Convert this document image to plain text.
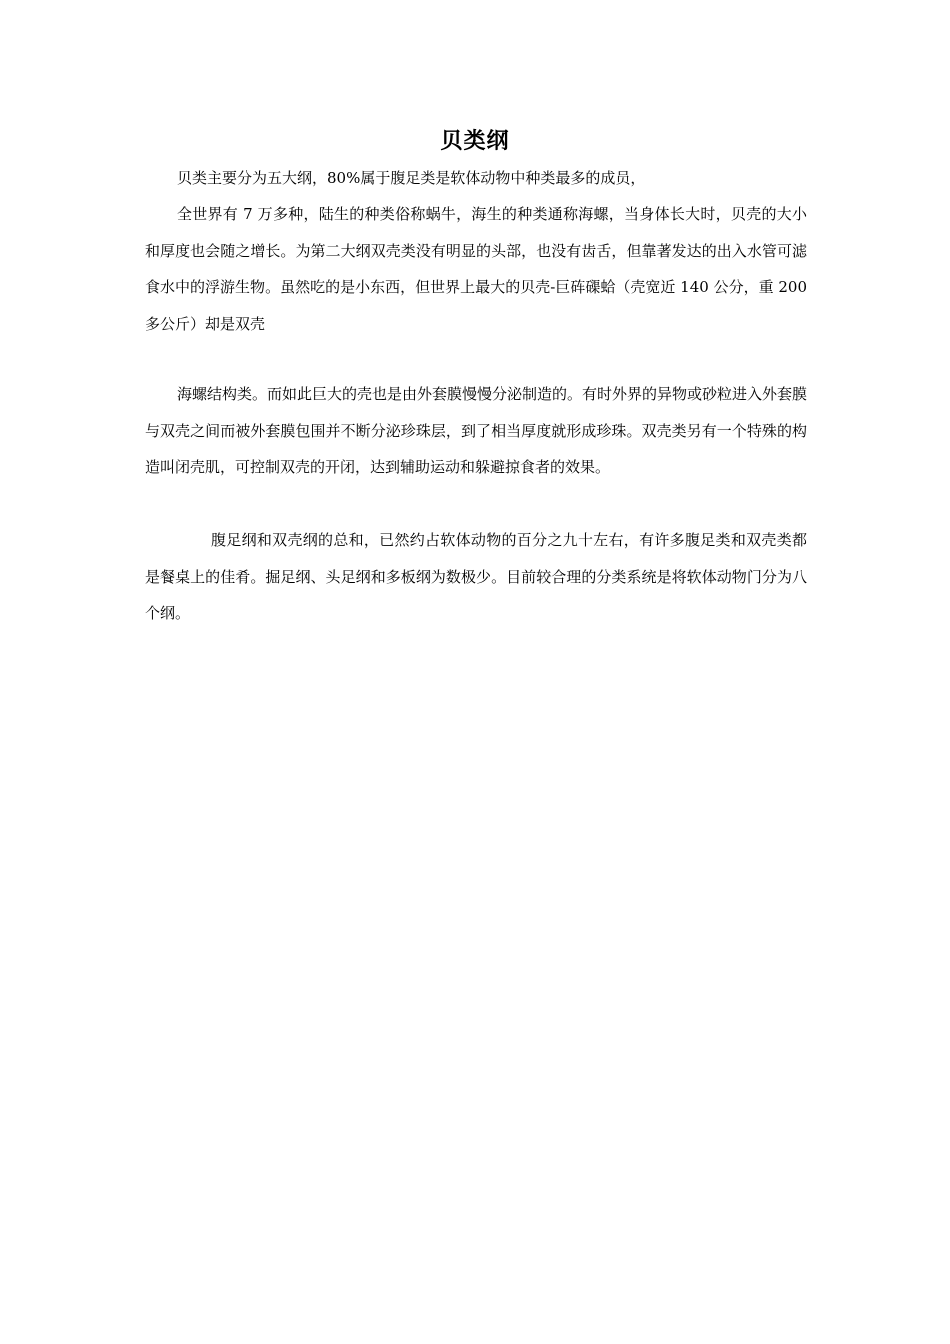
贝类纲

贝类主要分为五大纲，80%属于腹足类是软体动物中种类最多的成员，

全世界有 7 万多种，陆生的种类俗称蜗牛，海生的种类通称海螺，当身体长大时，贝壳的大小和厚度也会随之增长。为第二大纲双壳类没有明显的头部，也没有齿舌，但靠著发达的出入水管可滤食水中的浮游生物。虽然吃的是小东西，但世界上最大的贝壳-巨砗磲蛤（壳宽近 140 公分，重 200 多公斤）却是双壳

海螺结构类。而如此巨大的壳也是由外套膜慢慢分泌制造的。有时外界的异物或砂粒进入外套膜与双壳之间而被外套膜包围并不断分泌珍珠层，到了相当厚度就形成珍珠。双壳类另有一个特殊的构造叫闭壳肌，可控制双壳的开闭，达到辅助运动和躲避掠食者的效果。

腹足纲和双壳纲的总和，已然约占软体动物的百分之九十左右，有许多腹足类和双壳类都是餐桌上的佳肴。掘足纲、头足纲和多板纲为数极少。目前较合理的分类系统是将软体动物门分为八个纲。
